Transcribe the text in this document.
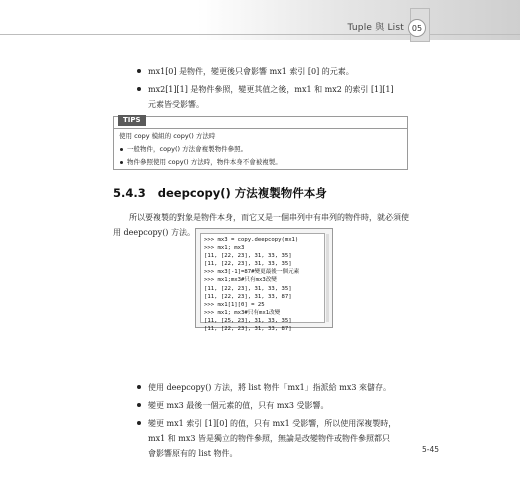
Tuple 與 List 05
mx1[0] 是物件，變更後只會影響 mx1 索引 [0] 的元素。
mx2[1][1] 是物件參照，變更其值之後，mx1 和 mx2 的索引 [1][1] 元素皆受影響。
TIPS
使用 copy 模組的 copy() 方法時
一般物件，copy() 方法會複製物件參照。
物件參照使用 copy() 方法時，物件本身不會被複製。
5.4.3 deepcopy() 方法複製物件本身
所以要複製的對象是物件本身，而它又是一個串列中有串列的物件時，就必須使用 deepcopy() 方法。
>>> mx3 = copy.deepcopy(mx1)
>>> mx1; mx3
[11, [22, 23], 31, 33, 35]
[11, [22, 23], 31, 33, 35]
>>> mx3[-1]=87#變更最後一個元素
>>> mx1;mx3#只有mx3改變
[11, [22, 23], 31, 33, 35]
[11, [22, 23], 31, 33, 87]
>>> mx1[1][0] = 25
>>> mx1; mx3#只有mx1改變
[11, [25, 23], 31, 33, 35]
[11, [22, 23], 31, 33, 87]
使用 deepcopy() 方法，將 list 物件「mx1」指派給 mx3 來儲存。
變更 mx3 最後一個元素的值，只有 mx3 受影響。
變更 mx1 索引 [1][0] 的值，只有 mx1 受影響，所以使用深複製時，mx1 和 mx3 皆是獨立的物件參照，無論是改變物件或物件參照都只會影響原有的 list 物件。	5-45
